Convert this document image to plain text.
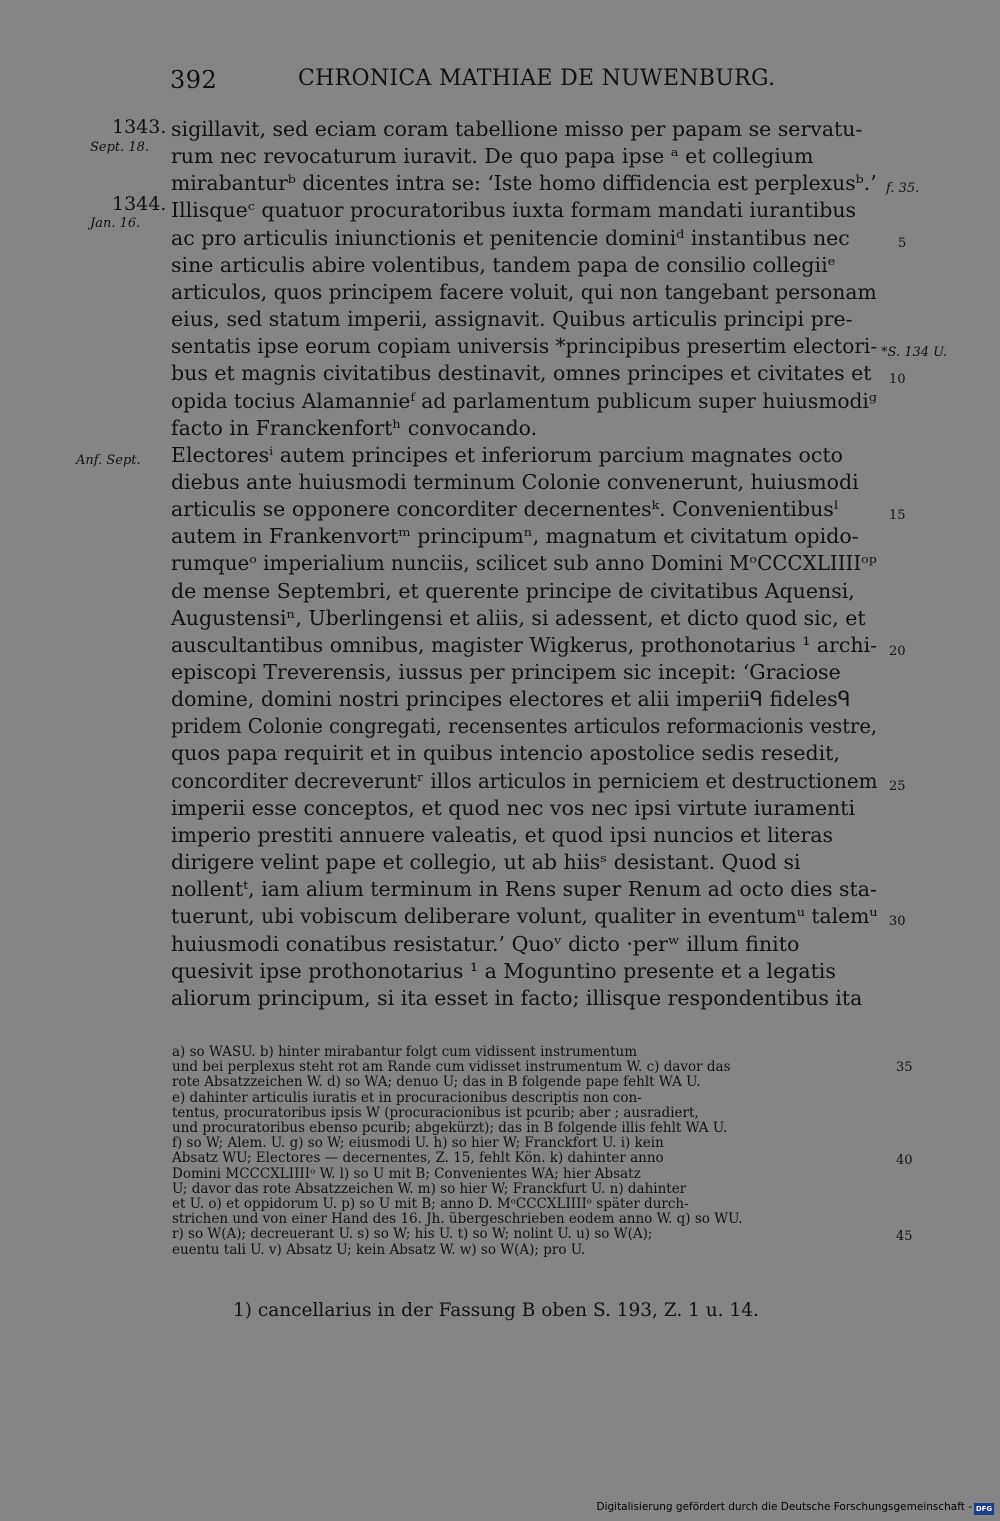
392	CHRONICA MATHIAE DE NUWENBURG.
1343.
Sept. 18.
1344.
Jan. 16.
Anf. Sept.
f. 35.
5
*S. 134 U.
10
15
20
25
30
35
40
45
sigillavit, sed eciam coram tabellione misso per papam se servatu-
rum nec revocaturum iuravit. De quo papa ipse ᵃ et collegium
mirabanturᵇ dicentes intra se: ‘Iste homo diffidencia est perplexusᵇ.’
Illisqueᶜ quatuor procuratoribus iuxta formam mandati iurantibus
ac pro articulis iniunctionis et penitencie dominiᵈ instantibus nec
sine articulis abire volentibus, tandem papa de consilio collegiiᵉ
articulos, quos principem facere voluit, qui non tangebant personam
eius, sed statum imperii, assignavit. Quibus articulis principi pre-
sentatis ipse eorum copiam universis *principibus presertim electori-
bus et magnis civitatibus destinavit, omnes principes et civitates et
opida tocius Alamannieᶠ ad parlamentum publicum super huiusmodiᵍ
facto in Franckenfortʰ convocando.
Electoresⁱ autem principes et inferiorum parcium magnates octo
diebus ante huiusmodi terminum Colonie convenerunt, huiusmodi
articulis se opponere concorditer decernentesᵏ. Convenientibusˡ
autem in Frankenvortᵐ principumⁿ, magnatum et civitatum opido-
rumqueᵒ imperialium nunciis, scilicet sub anno Domini MᵒCCCXLIIIIᵒᵖ
de mense Septembri, et querente principe de civitatibus Aquensi,
Augustensiⁿ, Uberlingensi et aliis, si adessent, et dicto quod sic, et
auscultantibus omnibus, magister Wigkerus, prothonotarius ¹ archi-
episcopi Treverensis, iussus per principem sic incepit: ‘Graciose
domine, domini nostri principes electores et alii imperiiᑫ fidelesᑫ
pridem Colonie congregati, recensentes articulos reformacionis vestre,
quos papa requirit et in quibus intencio apostolice sedis resedit,
concorditer decreveruntʳ illos articulos in perniciem et destructionem
imperii esse conceptos, et quod nec vos nec ipsi virtute iuramenti
imperio prestiti annuere valeatis, et quod ipsi nuncios et literas
dirigere velint pape et collegio, ut ab hiisˢ desistant. Quod si
nollentᵗ, iam alium terminum in Rens super Renum ad octo dies sta-
tuerunt, ubi vobiscum deliberare volunt, qualiter in eventumᵘ talemᵘ
huiusmodi conatibus resistatur.’ Quoᵛ dicto ·perʷ illum finito
quesivit ipse prothonotarius ¹ a Moguntino presente et a legatis
aliorum principum, si ita esset in facto; illisque respondentibus ita
a) so WASU. b) hinter mirabantur folgt cum vidissent instrumentum
und bei perplexus steht rot am Rande cum vidisset instrumentum W. c) davor das
rote Absatzzeichen W. d) so WA; denuo U; das in B folgende pape fehlt WA U.
e) dahinter articulis iuratis et in procuracionibus descriptis non con-
tentus, procuratoribus ipsis W (procuracionibus ist pcurib; aber ; ausradiert,
und procuratoribus ebenso pcurib; abgekürzt); das in B folgende illis fehlt WA U.
f) so W; Alem. U. g) so W; eiusmodi U. h) so hier W; Franckfort U. i) kein
Absatz WU; Electores — decernentes, Z. 15, fehlt Kön. k) dahinter anno
Domini MCCCXLIIIIᵒ W. l) so U mit B; Convenientes WA; hier Absatz
U; davor das rote Absatzzeichen W. m) so hier W; Franckfurt U. n) dahinter
et U. o) et oppidorum U. p) so U mit B; anno D. MᵒCCCXLIIIIᵒ später durch-
strichen und von einer Hand des 16. Jh. übergeschrieben eodem anno W. q) so WU.
r) so W(A); decreuerant U. s) so W; his U. t) so W; nolint U. u) so W(A);
euentu tali U. v) Absatz U; kein Absatz W. w) so W(A); pro U.
1) cancellarius in der Fassung B oben S. 193, Z. 1 u. 14.
Digitalisierung gefördert durch die Deutsche Forschungsgemeinschaft - DFG
